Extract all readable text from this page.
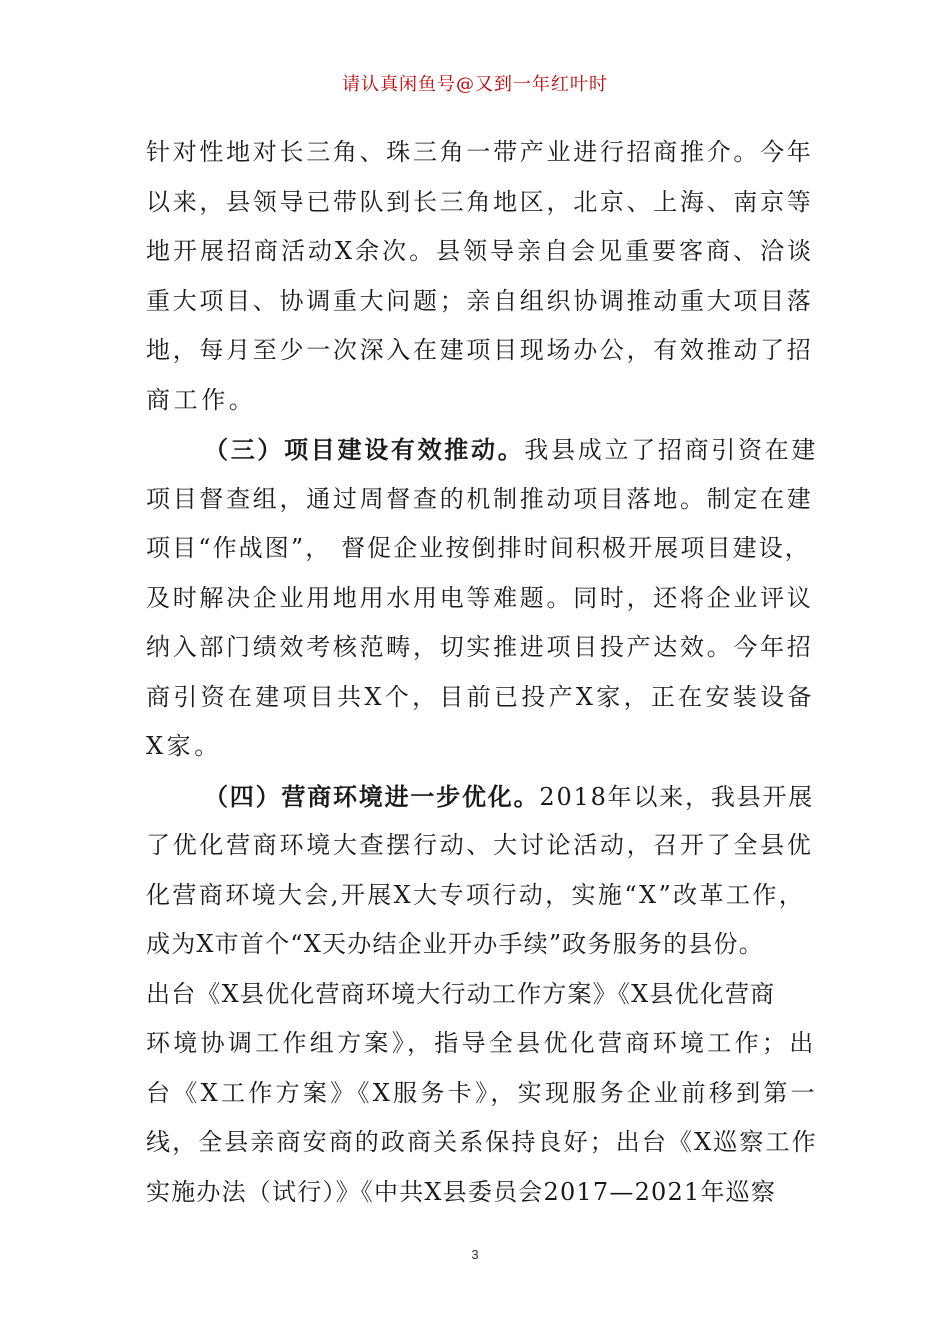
请认真闲鱼号@又到一年红叶时
针对性地对长三角、珠三角一带产业进行招商推介。今年
以来，县领导已带队到长三角地区，北京、上海、南京等
地开展招商活动X余次。县领导亲自会见重要客商、洽谈
重大项目、协调重大问题；亲自组织协调推动重大项目落
地，每月至少一次深入在建项目现场办公，有效推动了招
商工作。
（三）项目建设有效推动。我县成立了招商引资在建
项目督查组，通过周督查的机制推动项目落地。制定在建
项目“作战图”， 督促企业按倒排时间积极开展项目建设，
及时解决企业用地用水用电等难题。同时，还将企业评议
纳入部门绩效考核范畴，切实推进项目投产达效。今年招
商引资在建项目共X个，目前已投产X家，正在安装设备
X家。
（四）营商环境进一步优化。2018年以来，我县开展
了优化营商环境大查摆行动、大讨论活动，召开了全县优
化营商环境大会,开展X大专项行动，实施“X”改革工作，
成为X市首个“X天办结企业开办手续”政务服务的县份。
出台《X县优化营商环境大行动工作方案》《X县优化营商
环境协调工作组方案》，指导全县优化营商环境工作；出
台《X工作方案》《X服务卡》，实现服务企业前移到第一
线，全县亲商安商的政商关系保持良好；出台《X巡察工作
实施办法（试行）》《中共X县委员会2017—2021年巡察
3
